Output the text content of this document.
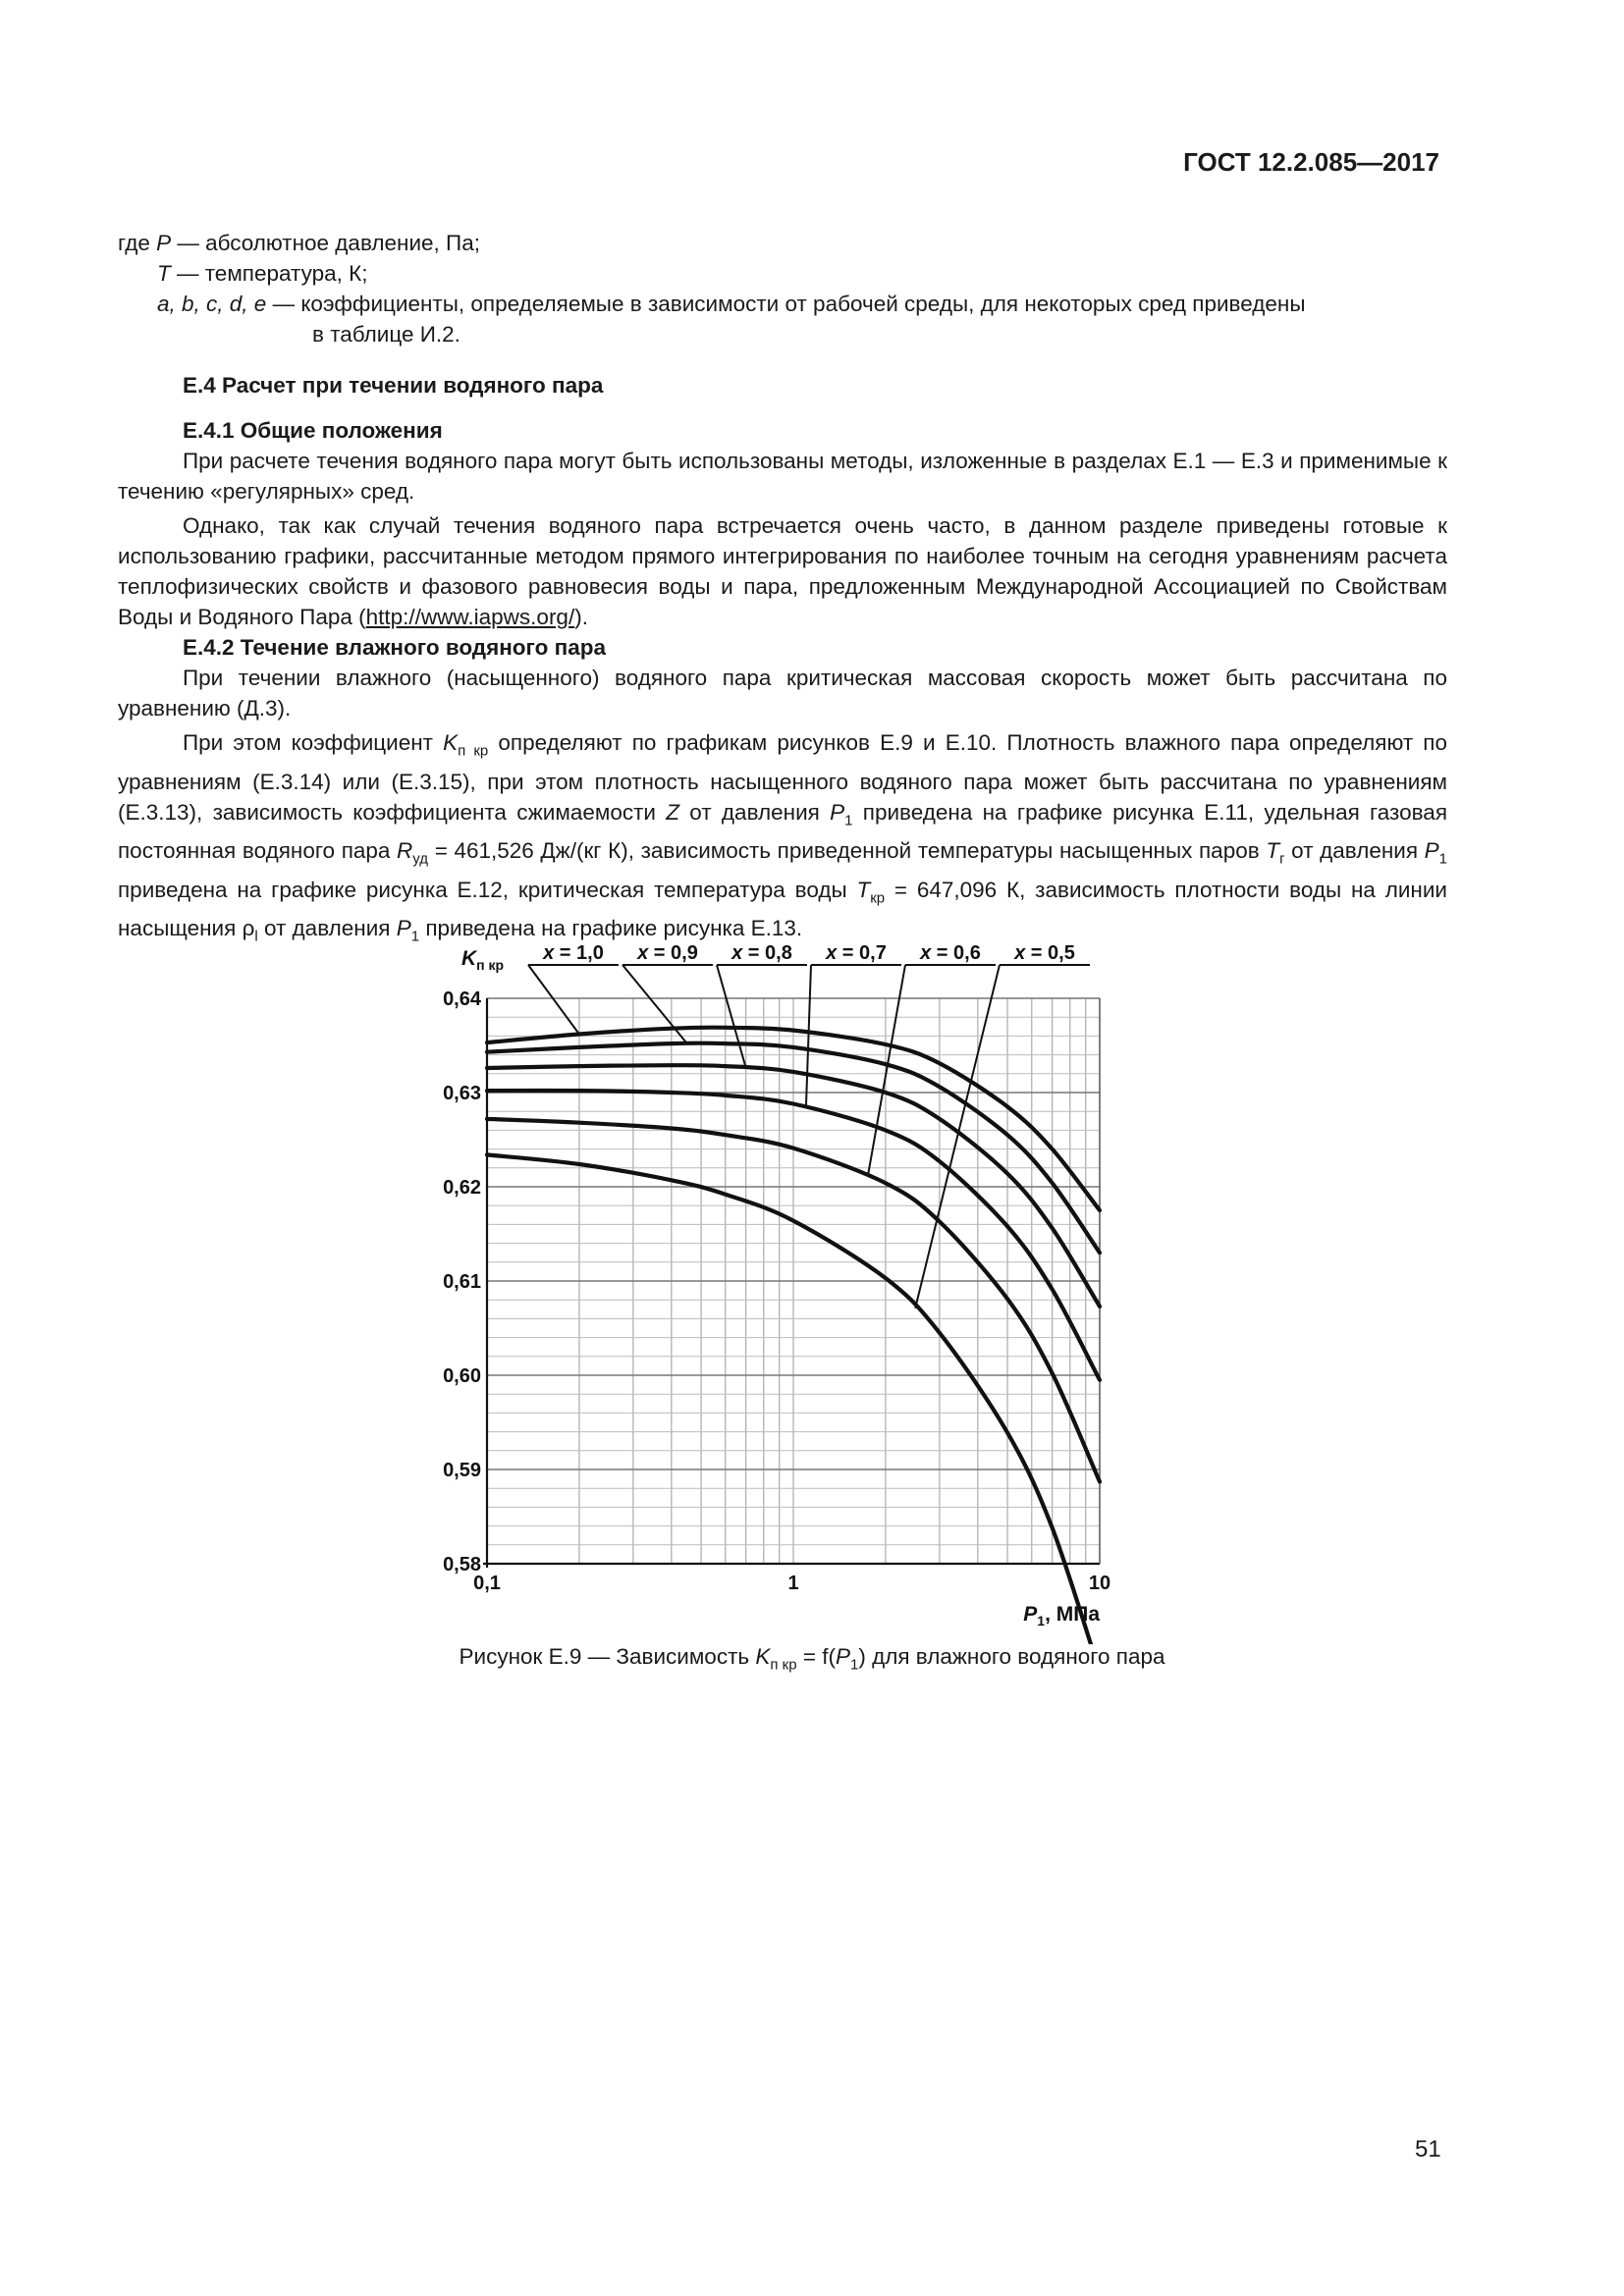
ГОСТ 12.2.085—2017

где P — абсолютное давление, Па;

T — температура, К;

a, b, c, d, e — коэффициенты, определяемые в зависимости от рабочей среды, для некоторых сред приведены

в таблице И.2.

Е.4 Расчет при течении водяного пара

Е.4.1 Общие положения

При расчете течения водяного пара могут быть использованы методы, изложенные в разделах Е.1 — Е.3 и применимые к течению «регулярных» сред.

Однако, так как случай течения водяного пара встречается очень часто, в данном разделе приведены готовые к использованию графики, рассчитанные методом прямого интегрирования по наиболее точным на сегодня уравнениям расчета теплофизических свойств и фазового равновесия воды и пара, предложенным Международной Ассоциацией по Свойствам Воды и Водяного Пара (http://www.iapws.org/).

Е.4.2 Течение влажного водяного пара

При течении влажного (насыщенного) водяного пара критическая массовая скорость может быть рассчитана по уравнению (Д.3).

При этом коэффициент $K_{п кр}$ определяют по графикам рисунков Е.9 и Е.10. Плотность влажного пара определяют по уравнениям (Е.3.14) или (Е.3.15), при этом плотность насыщенного водяного пара может быть рассчитана по уравнениям (Е.3.13), зависимость коэффициента сжимаемости Z от давления $P_1$ приведена на графике рисунка Е.11, удельная газовая постоянная водяного пара $R_{уд} = 461,526$ Дж/(кг К), зависимость приведенной температуры насыщенных паров $T_г$ от давления $P_1$ приведена на графике рисунка Е.12, критическая температура воды $T_{кр} = 647,096$ К, зависимость плотности воды на линии насыщения $\rho_l$ от давления $P_1$ приведена на графике рисунка Е.13.

0,64
0,63
0,62
0,61
0,60
0,59
0,58
0,1	1	10
$K_{п кр}$
$P_1$, МПа
x = 1,0 x = 0,9 x = 0,8 x = 0,7 x = 0,6 x = 0,5
Рисунок Е.9 — Зависимость $K_{п кр} = f(P_1)$ для влажного водяного пара
51
